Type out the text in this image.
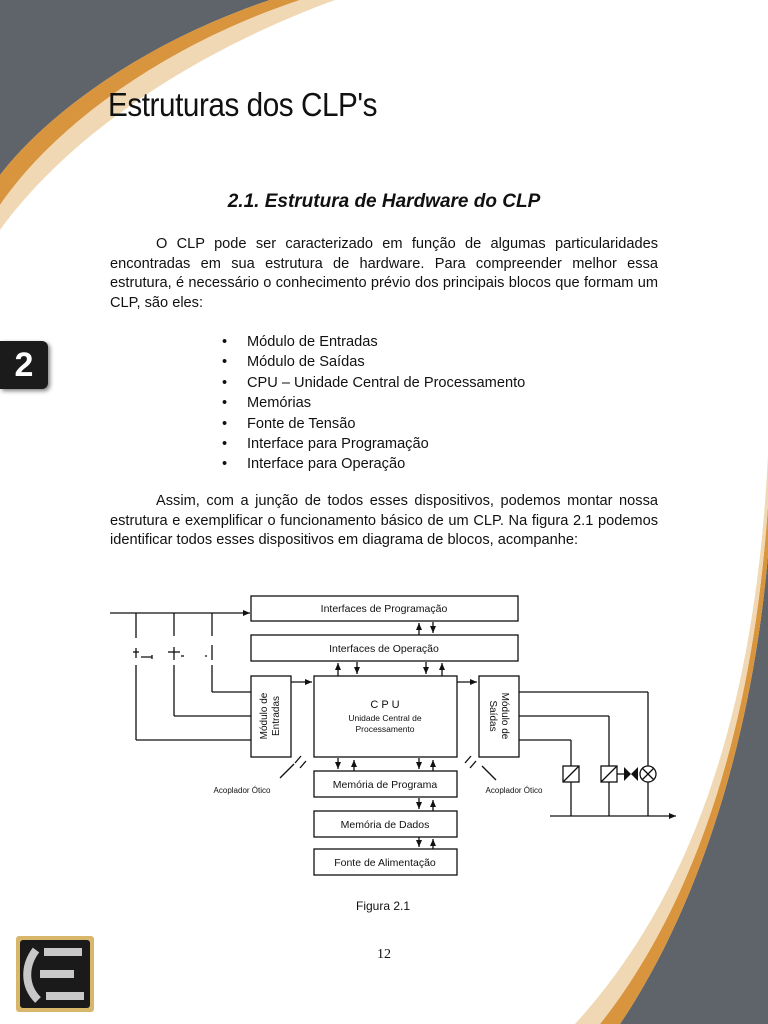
Estruturas dos CLP's
2.1. Estrutura de Hardware do CLP

O CLP pode ser caracterizado em função de algumas particularidades encontradas em sua estrutura de hardware. Para compreender melhor essa estrutura, é necessário o conhecimento prévio dos principais blocos que formam um CLP, são eles:

• Módulo de Entradas
• Módulo de Saídas
• CPU – Unidade Central de Processamento
• Memórias
• Fonte de Tensão
• Interface para Programação
• Interface para Operação

Assim, com a junção de todos esses dispositivos, podemos montar nossa estrutura e exemplificar o funcionamento básico de um CLP. Na figura 2.1 podemos identificar todos esses dispositivos em diagrama de blocos, acompanhe:

2
Interfaces de Programação
Interfaces de Operação
C P U
Unidade Central de
Processamento
Memória de Programa
Memória de Dados
Fonte de Alimentação
Acoplador Ótico	Acoplador Ótico
Módulo de Entradas	Módulo de
Saídas
Figura 2.1
12
